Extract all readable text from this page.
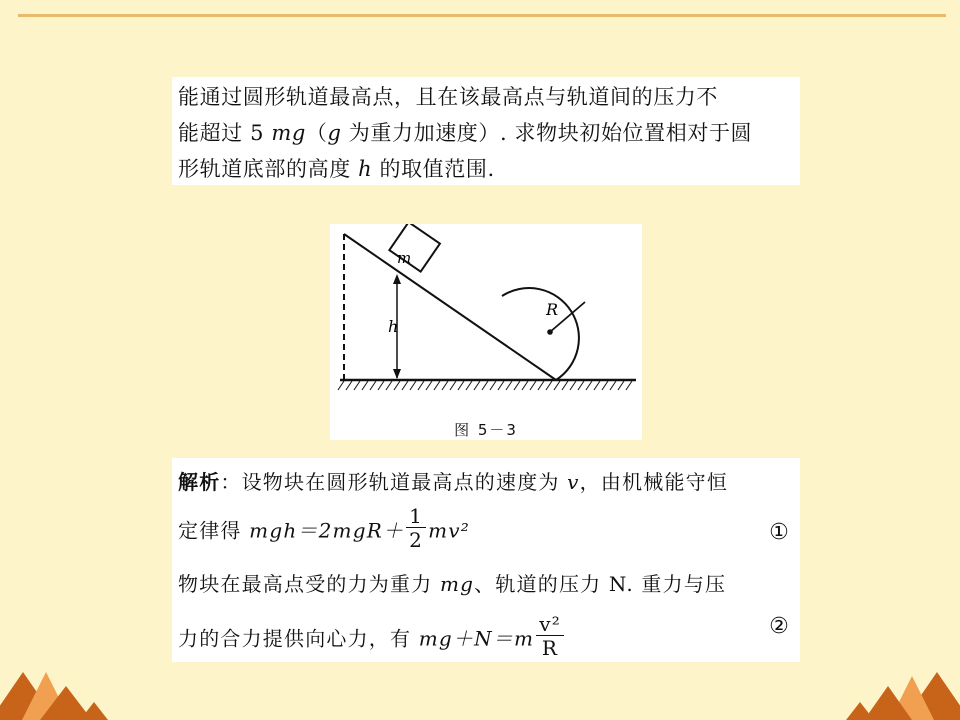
能通过圆形轨道最高点，且在该最高点与轨道间的压力不
能超过 5 mg（g 为重力加速度）. 求物块初始位置相对于圆
形轨道底部的高度 h 的取值范围.
m
h
R
图 5－3
解析：设物块在圆形轨道最高点的速度为 v，由机械能守恒
定律得 $mgh=2mgR+ \frac{1}{2} mv^2$	①
物块在最高点受的力为重力 mg、轨道的压力 N. 重力与压
力的合力提供向心力，有 $mg+N=m \frac{\text{v²}}{R}$	②
